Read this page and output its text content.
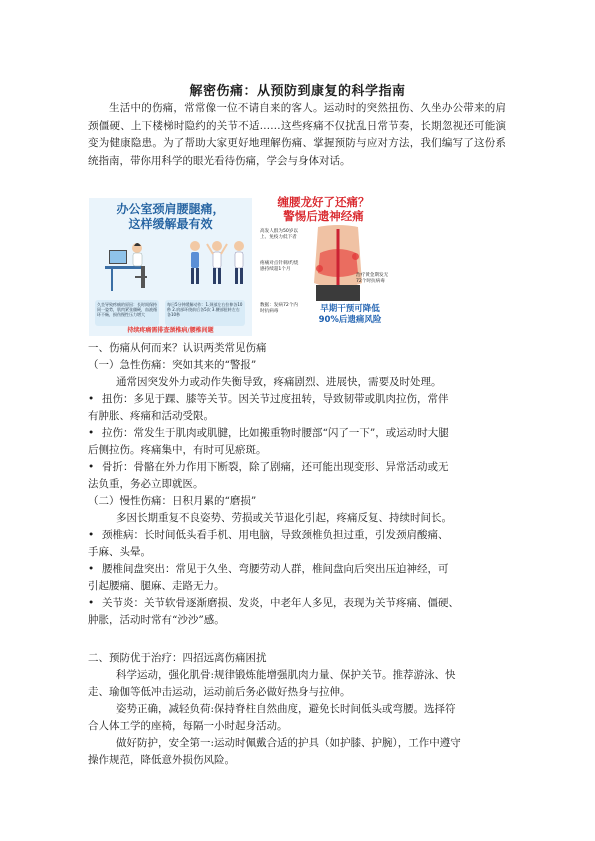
解密伤痛：从预防到康复的科学指南
生活中的伤痛，常常像一位不请自来的客人。运动时的突然扭伤、久坐办公带来的肩颈僵硬、上下楼梯时隐约的关节不适……这些疼痛不仅扰乱日常节奏，长期忽视还可能演变为健康隐患。为了帮助大家更好地理解伤痛、掌握预防与应对方法，我们编写了这份系统指南，带你用科学的眼光看待伤痛，学会与身体对话。
办公室颈肩腰腿痛，
这样缓解最有效
久坐导致疼痛的原因：长时间保持同一姿势，肌肉紧张僵硬，血液循环不畅，损伤慢性压力增大
每日5分钟缓解动作：1.颈部左右拉伸各10秒 2.肩部环绕前后各5次 3.腰部扭转左右各10秒
持续疼痛需排查颈椎病/腰椎间题
缠腰龙好了还痛？
警惕后遗神经痛
高发人群为50岁以上、免疫力低下者
疼痛对点针刺/灼烧感持续超1个月
数据：发病72个内时抗病毒
治疗黄金期发无72个时抗病毒
早期干预可降低
90%后遗痛风险
一、伤痛从何而来？认识两类常见伤痛
（一）急性伤痛：突如其来的“警报”
通常因突发外力或动作失衡导致，疼痛剧烈、进展快，需要及时处理。
• 扭伤：多见于踝、膝等关节。因关节过度扭转，导致韧带或肌肉拉伤，常伴
有肿胀、疼痛和活动受限。
• 拉伤：常发生于肌肉或肌腱，比如搬重物时腰部“闪了一下”，或运动时大腿
后侧拉伤。疼痛集中，有时可见瘀斑。
• 骨折：骨骼在外力作用下断裂，除了剧痛，还可能出现变形、异常活动或无
法负重，务必立即就医。
（二）慢性伤痛：日积月累的“磨损”
多因长期重复不良姿势、劳损或关节退化引起，疼痛反复、持续时间长。
• 颈椎病：长时间低头看手机、用电脑，导致颈椎负担过重，引发颈肩酸痛、
手麻、头晕。
• 腰椎间盘突出：常见于久坐、弯腰劳动人群，椎间盘向后突出压迫神经，可
引起腰痛、腿麻、走路无力。
• 关节炎：关节软骨逐渐磨损、发炎，中老年人多见，表现为关节疼痛、僵硬、
肿胀，活动时常有“沙沙”感。
二、预防优于治疗：四招远离伤痛困扰
科学运动，强化肌骨:规律锻炼能增强肌肉力量、保护关节。推荐游泳、快
走、瑜伽等低冲击运动，运动前后务必做好热身与拉伸。
姿势正确，减轻负荷:保持脊柱自然曲度，避免长时间低头或弯腰。选择符
合人体工学的座椅，每隔一小时起身活动。
做好防护，安全第一:运动时佩戴合适的护具（如护膝、护腕），工作中遵守
操作规范，降低意外损伤风险。
